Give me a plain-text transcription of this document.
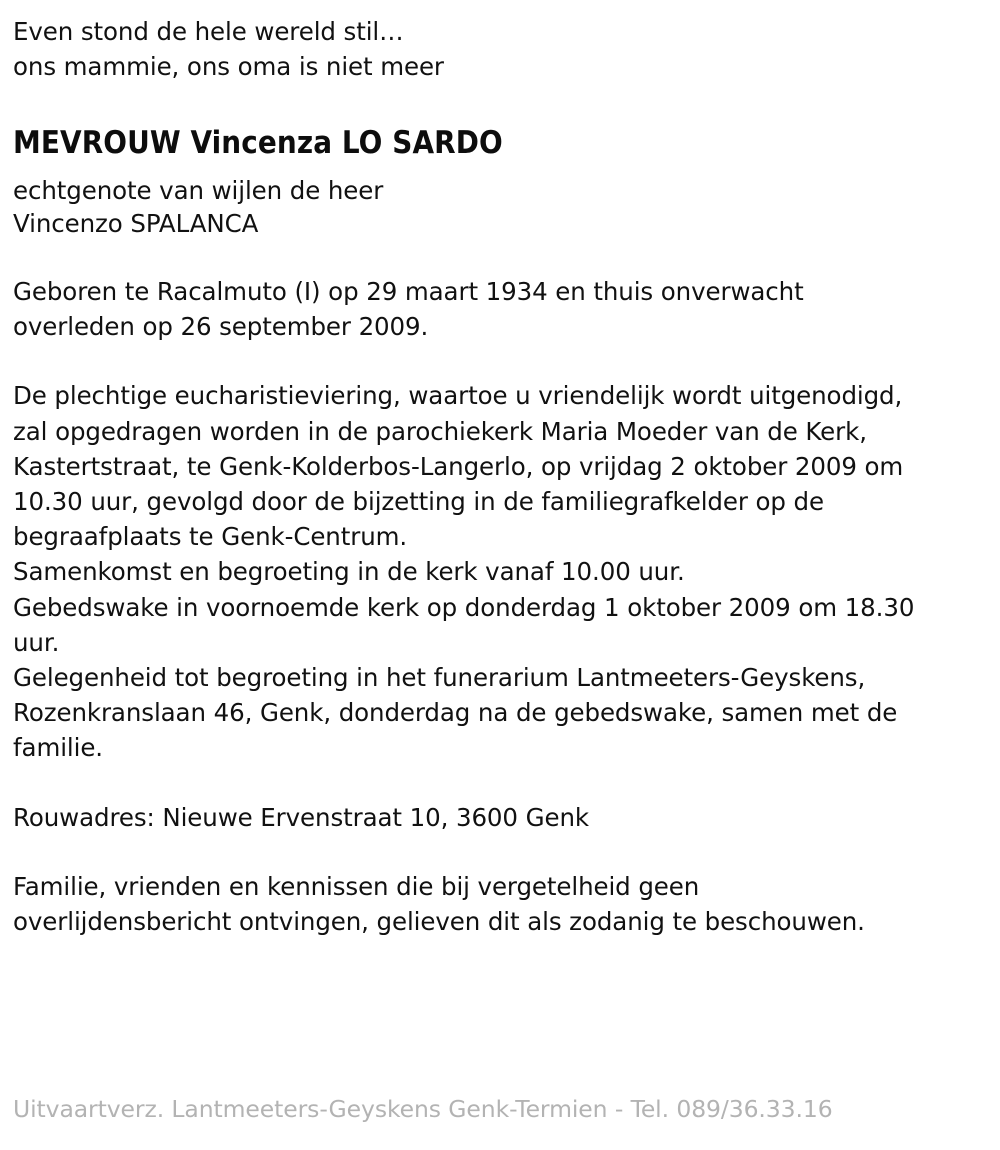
Even stond de hele wereld stil…
ons mammie, ons oma is niet meer
MEVROUW Vincenza LO SARDO
echtgenote van wijlen de heer
Vincenzo SPALANCA
Geboren te Racalmuto (I) op 29 maart 1934 en thuis onverwacht
overleden op 26 september 2009.
De plechtige eucharistieviering, waartoe u vriendelijk wordt uitgenodigd,
zal opgedragen worden in de parochiekerk Maria Moeder van de Kerk,
Kastertstraat, te Genk-Kolderbos-Langerlo, op vrijdag 2 oktober 2009 om
10.30 uur, gevolgd door de bijzetting in de familiegrafkelder op de
begraafplaats te Genk-Centrum.
Samenkomst en begroeting in de kerk vanaf 10.00 uur.
Gebedswake in voornoemde kerk op donderdag 1 oktober 2009 om 18.30
uur.
Gelegenheid tot begroeting in het funerarium Lantmeeters-Geyskens,
Rozenkranslaan 46, Genk, donderdag na de gebedswake, samen met de
familie.
Rouwadres: Nieuwe Ervenstraat 10, 3600 Genk
Familie, vrienden en kennissen die bij vergetelheid geen
overlijdensbericht ontvingen, gelieven dit als zodanig te beschouwen.
Uitvaartverz. Lantmeeters-Geyskens Genk-Termien - Tel. 089/36.33.16
